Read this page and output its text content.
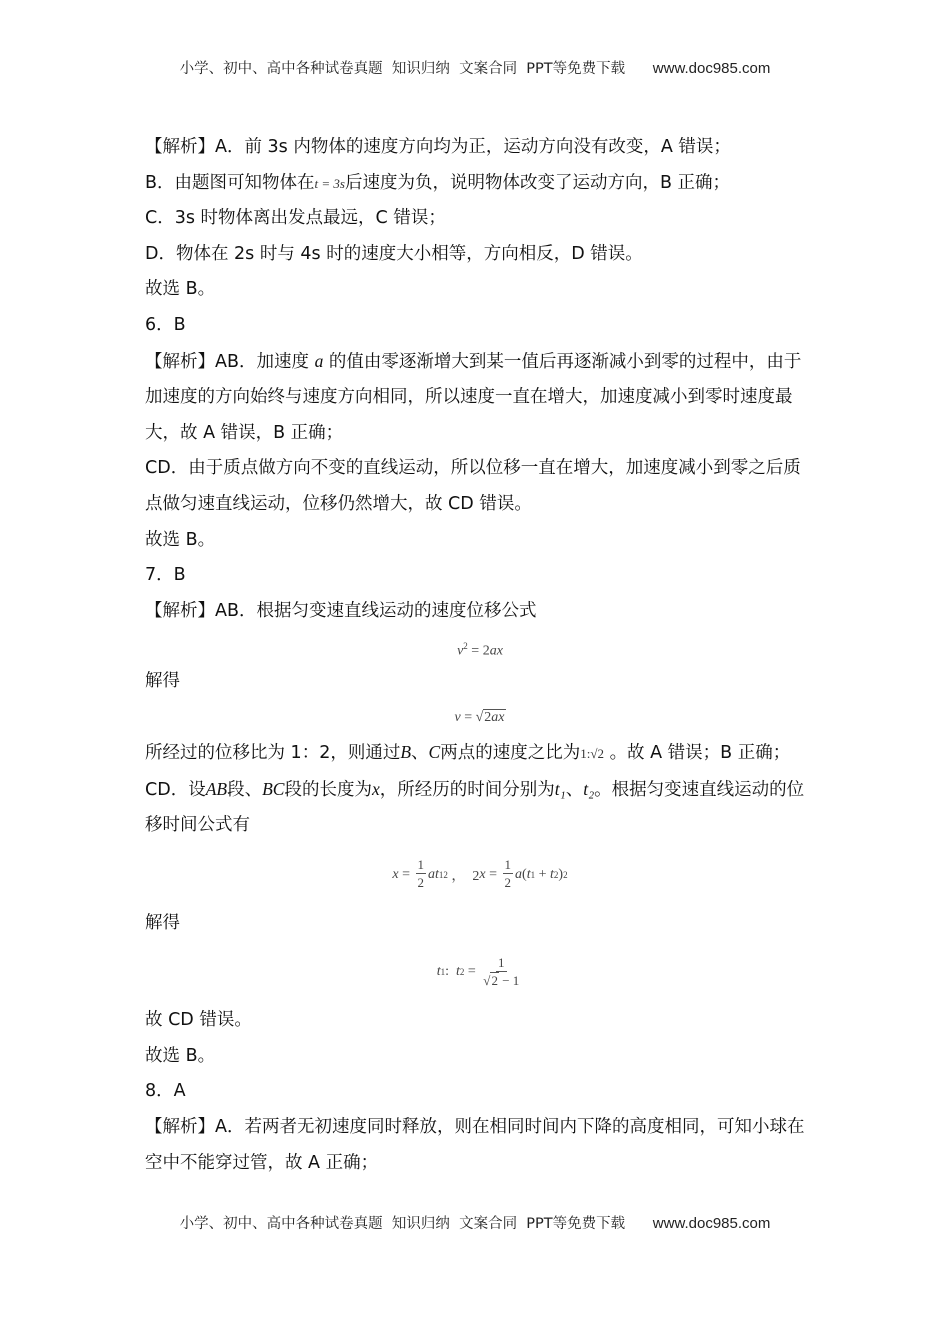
小学、初中、高中各种试卷真题  知识归纳  文案合同  PPT等免费下载 www.doc985.com

【解析】A．前 3s 内物体的速度方向均为正，运动方向没有改变，A 错误；

B．由题图可知物体在t = 3s后速度为负，说明物体改变了运动方向，B 正确；

C．3s 时物体离出发点最远，C 错误；

D．物体在 2s 时与 4s 时的速度大小相等，方向相反，D 错误。

故选 B。

6．B

【解析】AB．加速度 a 的值由零逐渐增大到某一值后再逐渐减小到零的过程中，由于加速度的方向始终与速度方向相同，所以速度一直在增大，加速度减小到零时速度最大，故 A 错误，B 正确；

CD．由于质点做方向不变的直线运动，所以位移一直在增大，加速度减小到零之后质点做匀速直线运动，位移仍然增大，故 CD 错误。

故选 B。

7．B

【解析】AB．根据匀变速直线运动的速度位移公式

$v^2 = 2ax$

解得

v = √2ax

所经过的位移比为 1：2，则通过B、C两点的速度之比为1:√2 。故 A 错误；B 正确；

CD．设AB段、BC段的长度为x，所经历的时间分别为t₁、t₂。根据匀变速直线运动的位移时间公式有

$x = \frac{1}{2}$ at 1 2 ，  2 $x = \frac{1}{2}$ a ( t 1 + t 2 ) 2

解得

t 1 : t $2 = \frac{1}{√2 - 1}$

故 CD 错误。

故选 B。

8．A

【解析】A．若两者无初速度同时释放，则在相同时间内下降的高度相同，可知小球在空中不能穿过管，故 A 正确；

小学、初中、高中各种试卷真题  知识归纳  文案合同  PPT等免费下载 www.doc985.com
